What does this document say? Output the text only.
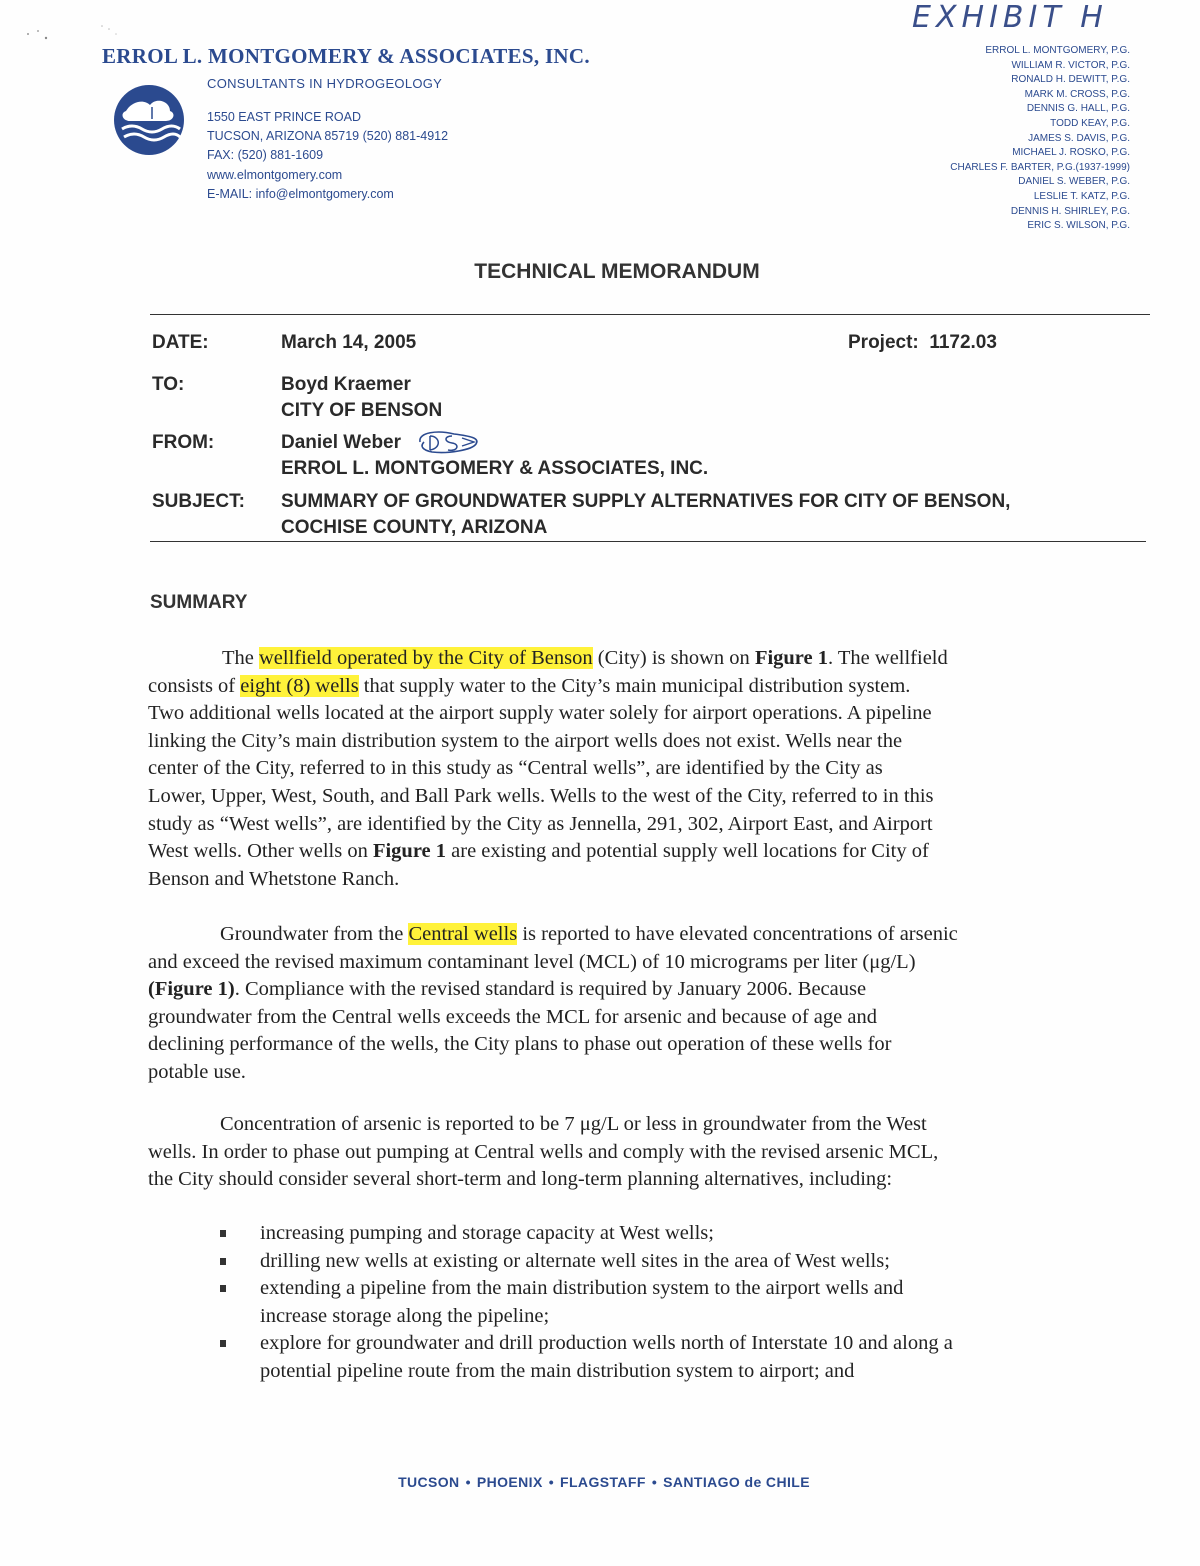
EXHIBIT H
ERROL L. MONTGOMERY & ASSOCIATES, INC.
CONSULTANTS IN HYDROGEOLOGY
1550 EAST PRINCE ROAD
TUCSON, ARIZONA 85719 (520) 881-4912
FAX: (520) 881-1609
www.elmontgomery.com
E-MAIL: info@elmontgomery.com
ERROL L. MONTGOMERY, P.G.
WILLIAM R. VICTOR, P.G.
RONALD H. DEWITT, P.G.
MARK M. CROSS, P.G.
DENNIS G. HALL, P.G.
TODD KEAY, P.G.
JAMES S. DAVIS, P.G.
MICHAEL J. ROSKO, P.G.
CHARLES F. BARTER, P.G.(1937-1999)
DANIEL S. WEBER, P.G.
LESLIE T. KATZ, P.G.
DENNIS H. SHIRLEY, P.G.
ERIC S. WILSON, P.G.
TECHNICAL MEMORANDUM
DATE:	March 14, 2005	Project: 1172.03
TO:	Boyd Kraemer
CITY OF BENSON
FROM:	Daniel Weber
ERROL L. MONTGOMERY & ASSOCIATES, INC.
SUBJECT: SUMMARY OF GROUNDWATER SUPPLY ALTERNATIVES FOR CITY OF BENSON,
COCHISE COUNTY, ARIZONA
SUMMARY
The wellfield operated by the City of Benson (City) is shown on Figure 1. The wellfield
consists of eight (8) wells that supply water to the City’s main municipal distribution system.
Two additional wells located at the airport supply water solely for airport operations. A pipeline
linking the City’s main distribution system to the airport wells does not exist. Wells near the
center of the City, referred to in this study as “Central wells”, are identified by the City as
Lower, Upper, West, South, and Ball Park wells. Wells to the west of the City, referred to in this
study as “West wells”, are identified by the City as Jennella, 291, 302, Airport East, and Airport
West wells. Other wells on Figure 1 are existing and potential supply well locations for City of
Benson and Whetstone Ranch.
Groundwater from the Central wells is reported to have elevated concentrations of arsenic
and exceed the revised maximum contaminant level (MCL) of 10 micrograms per liter (μg/L)
(Figure 1). Compliance with the revised standard is required by January 2006. Because
groundwater from the Central wells exceeds the MCL for arsenic and because of age and
declining performance of the wells, the City plans to phase out operation of these wells for
potable use.
Concentration of arsenic is reported to be 7 μg/L or less in groundwater from the West
wells. In order to phase out pumping at Central wells and comply with the revised arsenic MCL,
the City should consider several short-term and long-term planning alternatives, including:
increasing pumping and storage capacity at West wells;
drilling new wells at existing or alternate well sites in the area of West wells;
extending a pipeline from the main distribution system to the airport wells and
increase storage along the pipeline;
explore for groundwater and drill production wells north of Interstate 10 and along a
potential pipeline route from the main distribution system to airport; and
TUCSON • PHOENIX • FLAGSTAFF • SANTIAGO de CHILE
